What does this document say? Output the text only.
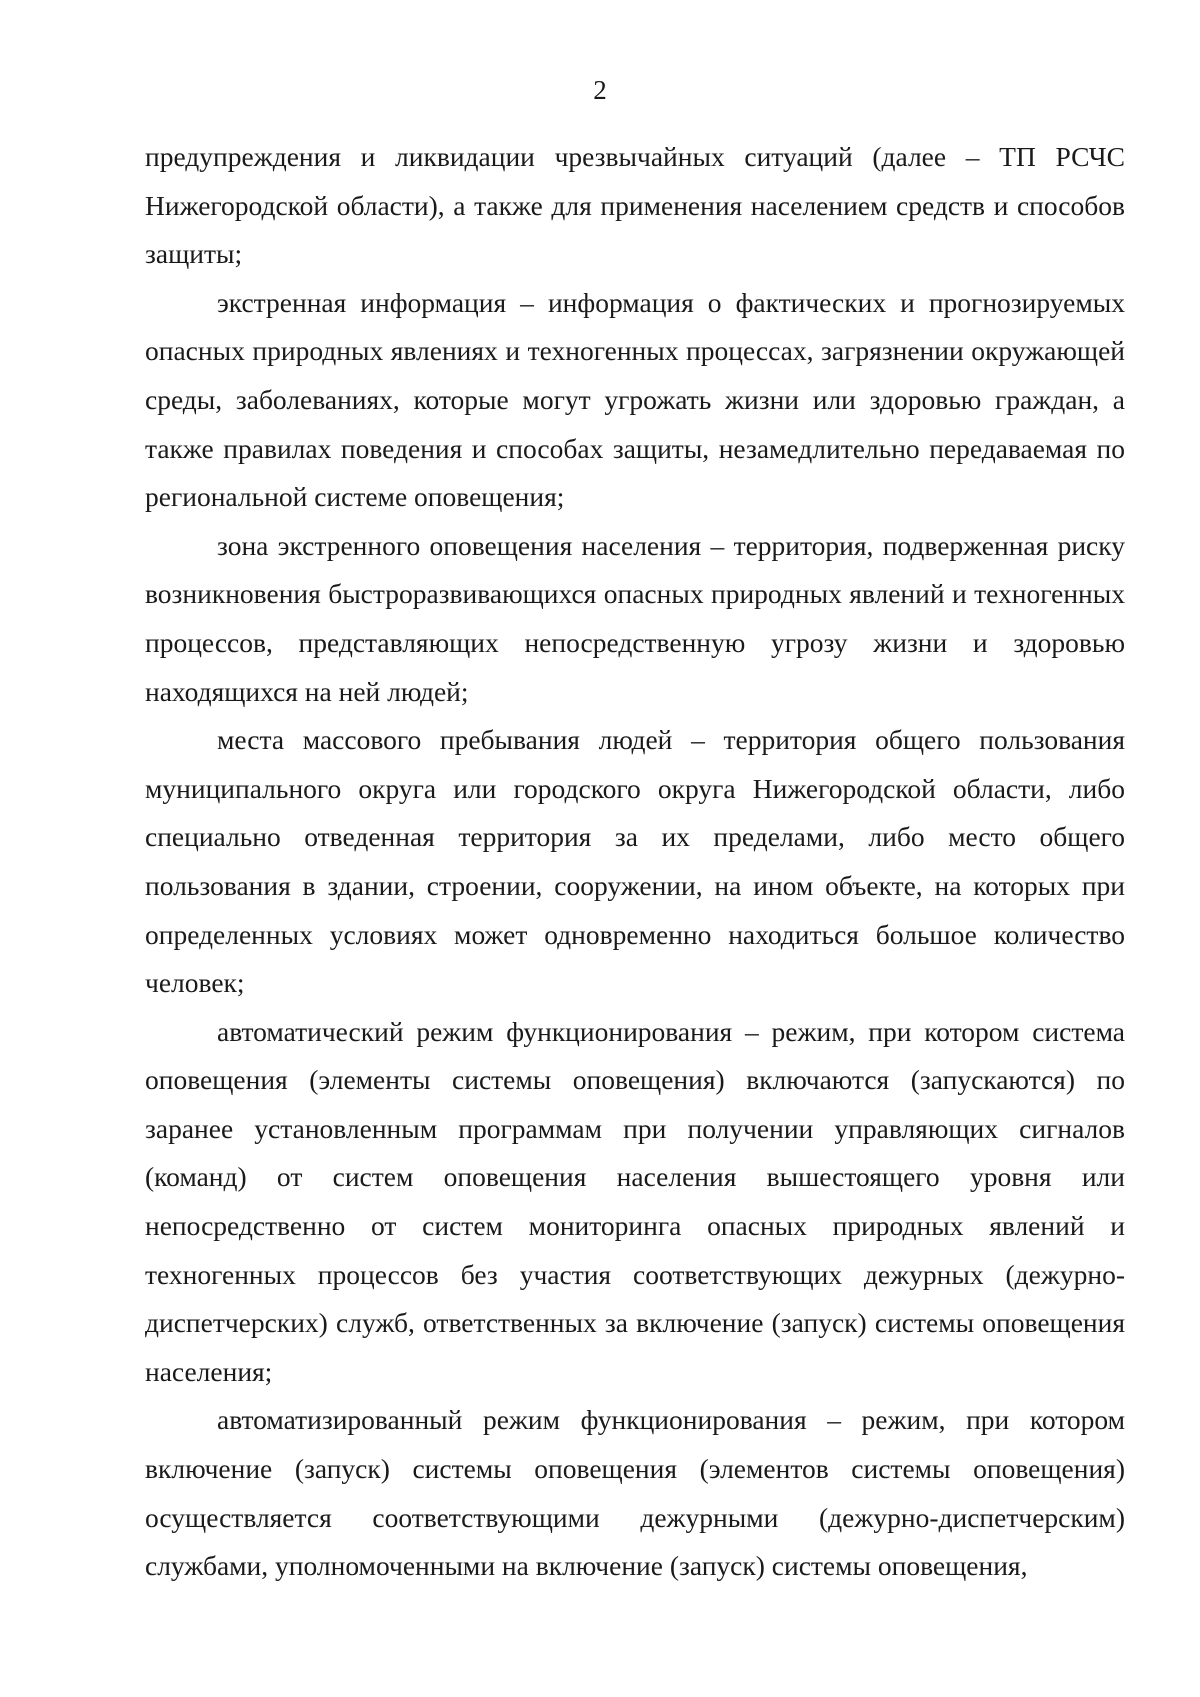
2

предупреждения и ликвидации чрезвычайных ситуаций (далее – ТП РСЧС Нижегородской области), а также для применения населением средств и способов защиты;

экстренная информация – информация о фактических и прогнозируемых опасных природных явлениях и техногенных процессах, загрязнении окружающей среды, заболеваниях, которые могут угрожать жизни или здоровью граждан, а также правилах поведения и способах защиты, незамедлительно передаваемая по региональной системе оповещения;

зона экстренного оповещения населения – территория, подверженная риску возникновения быстроразвивающихся опасных природных явлений и техногенных процессов, представляющих непосредственную угрозу жизни и здоровью находящихся на ней людей;

места массового пребывания людей – территория общего пользования муниципального округа или городского округа Нижегородской области, либо специально отведенная территория за их пределами, либо место общего пользования в здании, строении, сооружении, на ином объекте, на которых при определенных условиях может одновременно находиться большое количество человек;

автоматический режим функционирования – режим, при котором система оповещения (элементы системы оповещения) включаются (запускаются) по заранее установленным программам при получении управляющих сигналов (команд) от систем оповещения населения вышестоящего уровня или непосредственно от систем мониторинга опасных природных явлений и техногенных процессов без участия соответствующих дежурных (дежурно-диспетчерских) служб, ответственных за включение (запуск) системы оповещения населения;

автоматизированный режим функционирования – режим, при котором включение (запуск) системы оповещения (элементов системы оповещения) осуществляется соответствующими дежурными (дежурно-диспетчерским) службами, уполномоченными на включение (запуск) системы оповещения,
